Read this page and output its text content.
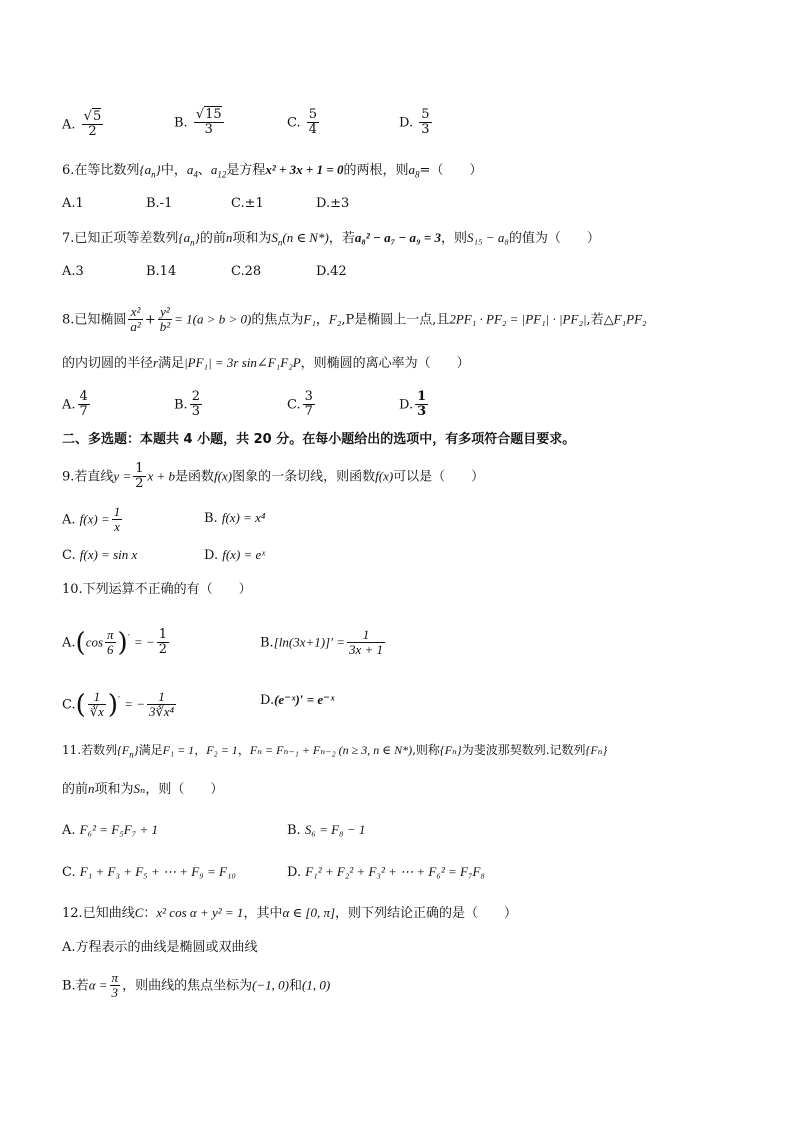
A. $\frac{√5}{2}$	B. $\frac{√15}{3}$	C. $\frac{5}{4}$	D. $\frac{5}{3}$
6.在等比数列$\{a_n\}$中，$a_4$、$a_{12}$是方程x² + 3x + 1 = 0的两根，则$a_8=$（　　）
A.1	B.-1	C.±1	D.±3
7.已知正项等差数列$\{a_n\}$的前n项和为$S_n(n$ ∈ N*)，若a₈² − a₇ − a₉ = 3，则S₁₅ − a₈的值为（　　）
A.3	B.14	C.28	D.42
8.已知椭圆 $\frac{\text{x²}}{\text{a²}} + \frac{\text{y²}}{\text{b²}} = 1(a > b > 0)$的焦点为F₁，F₂,P是椭圆上一点,且2PF₁ · PF₂ = |PF₁| · |PF₂|,若△F₁PF₂
的内切圆的半径r满足|PF₁| = 3r sin∠F₁F₂P，则椭圆的离心率为（　　）
A. $\frac{4}{7}$	B. $\frac{2}{3}$	C. $\frac{3}{7}$	D. $\frac{1}{3}$
二、多选题：本题共 4 小题，共 20 分。在每小题给出的选项中，有多项符合题目要求。
9.若直线$y = \frac{1}{2}$ x + b是函数f(x)图象的一条切线，则函数f(x)可以是（　　）
A. $f(x) = \frac{1}{x}$	B. f(x) = x⁴
C. f(x) = sin x	D. f(x) = eˣ
10.下列运算不正确的有（　　）
$A.(\cos \frac{\pi}{6} )'$ = − $\frac{1}{2}$	$B.[\ln(3x+1)]' = \frac{1}{3x + 1}$
$C.( \frac{1}{∛x} )'$ = − $\frac{1}{\text{3∛x⁴}}$	D.(e⁻ˣ)′ = e⁻ˣ
11.若数列$\{F_n\}$满足F₁ = 1，F₂ = 1，Fₙ = Fₙ₋₁ + Fₙ₋₂ (n ≥ 3, n ∈ N*),则称{Fₙ}为斐波那契数列.记数列{Fₙ}
的前n项和为Sₙ，则（　　）
A. F₆² = F₅F₇ + 1	B. S₆ = F₈ − 1
C. F₁ + F₃ + F₅ + ⋯ + F₉ = F₁₀	D. F₁² + F₂² + F₃² + ⋯ + F₆² = F₇F₈
12.已知曲线C：x² cos α + y² = 1，其中α ∈ [0, π]，则下列结论正确的是（　　）
A.方程表示的曲线是椭圆或双曲线
B.若$\alpha = \frac{\pi}{3}$ ，则曲线的焦点坐标为(−1, 0)和(1, 0)
